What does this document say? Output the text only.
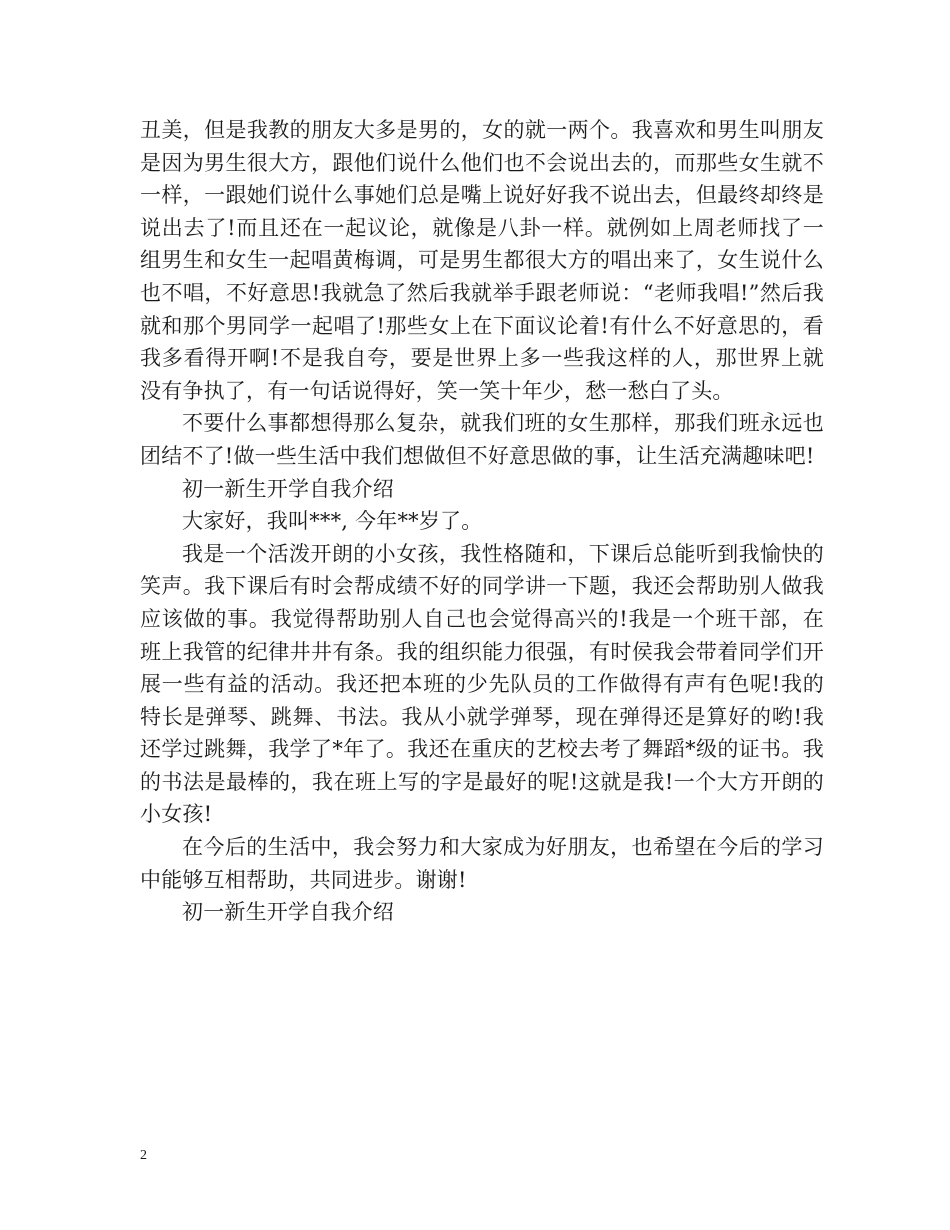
丑美，但是我教的朋友大多是男的，女的就一两个。我喜欢和男生叫朋友是因为男生很大方，跟他们说什么他们也不会说出去的，而那些女生就不一样，一跟她们说什么事她们总是嘴上说好好我不说出去，但最终却终是说出去了!而且还在一起议论，就像是八卦一样。就例如上周老师找了一组男生和女生一起唱黄梅调，可是男生都很大方的唱出来了，女生说什么也不唱，不好意思!我就急了然后我就举手跟老师说：“老师我唱!”然后我就和那个男同学一起唱了!那些女上在下面议论着!有什么不好意思的，看我多看得开啊!不是我自夸，要是世界上多一些我这样的人，那世界上就没有争执了，有一句话说得好，笑一笑十年少，愁一愁白了头。

不要什么事都想得那么复杂，就我们班的女生那样，那我们班永远也团结不了!做一些生活中我们想做但不好意思做的事，让生活充满趣味吧!

初一新生开学自我介绍

大家好，我叫***, 今年**岁了。

我是一个活泼开朗的小女孩，我性格随和，下课后总能听到我愉快的笑声。我下课后有时会帮成绩不好的同学讲一下题，我还会帮助别人做我应该做的事。我觉得帮助别人自己也会觉得高兴的!我是一个班干部，在班上我管的纪律井井有条。我的组织能力很强，有时侯我会带着同学们开展一些有益的活动。我还把本班的少先队员的工作做得有声有色呢!我的特长是弹琴、跳舞、书法。我从小就学弹琴，现在弹得还是算好的哟!我还学过跳舞，我学了*年了。我还在重庆的艺校去考了舞蹈*级的证书。我的书法是最棒的，我在班上写的字是最好的呢!这就是我!一个大方开朗的小女孩!

在今后的生活中，我会努力和大家成为好朋友，也希望在今后的学习中能够互相帮助，共同进步。谢谢!

初一新生开学自我介绍

2
